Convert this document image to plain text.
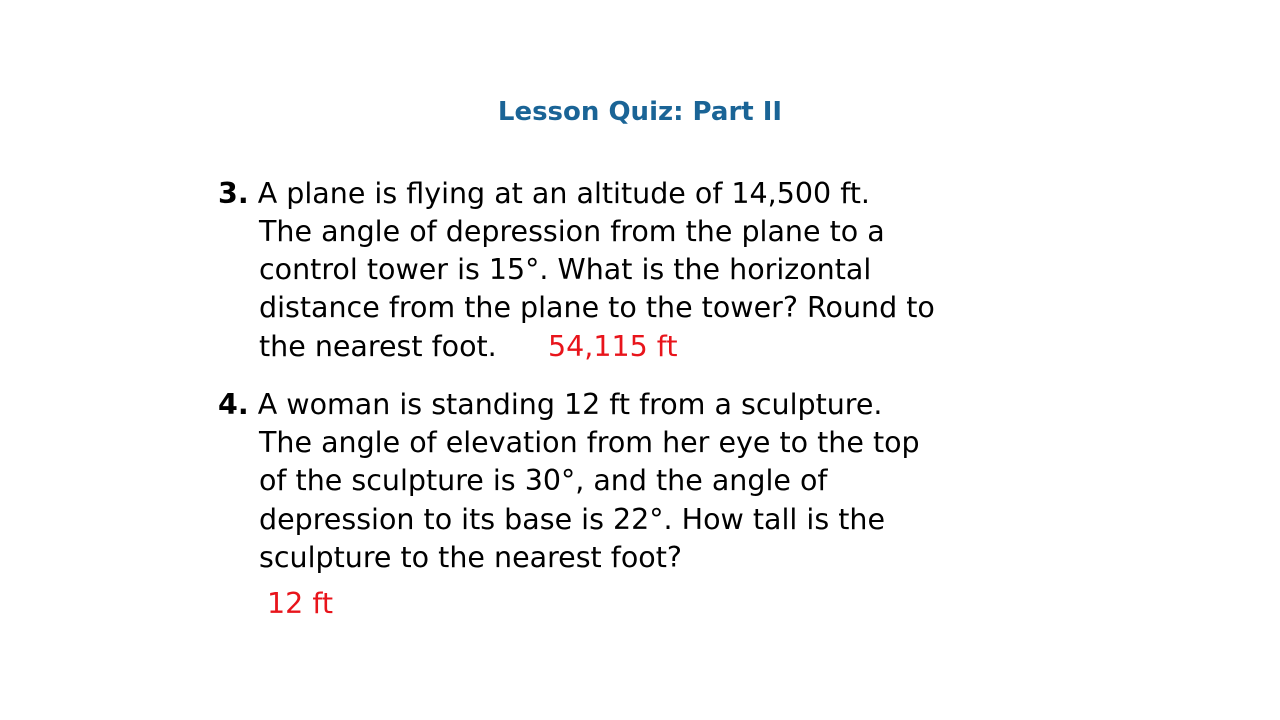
Lesson Quiz: Part II
3. A plane is flying at an altitude of 14,500 ft.
The angle of depression from the plane to a
control tower is 15°. What is the horizontal
distance from the plane to the tower? Round to
the nearest foot. 54,115 ft
4. A woman is standing 12 ft from a sculpture.
The angle of elevation from her eye to the top
of the sculpture is 30°, and the angle of
depression to its base is 22°. How tall is the
sculpture to the nearest foot?
12 ft
